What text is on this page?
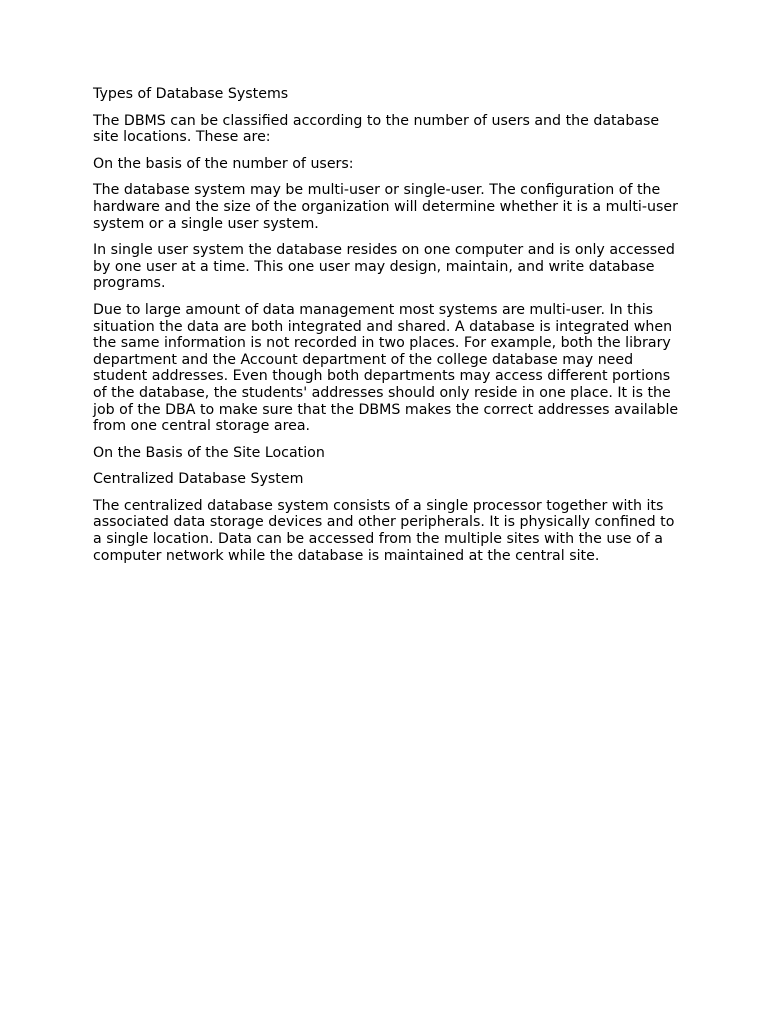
Types of Database Systems

The DBMS can be classified according to the number of users and the database site locations. These are:

On the basis of the number of users:

The database system may be multi-user or single-user. The configuration of the hardware and the size of the organization will determine whether it is a multi-user system or a single user system.

In single user system the database resides on one computer and is only accessed by one user at a time. This one user may design, maintain, and write database programs.

Due to large amount of data management most systems are multi-user. In this situation the data are both integrated and shared. A database is integrated when the same information is not recorded in two places. For example, both the library department and the Account department of the college database may need student addresses. Even though both departments may access different portions of the database, the students' addresses should only reside in one place. It is the job of the DBA to make sure that the DBMS makes the correct addresses available from one central storage area.

On the Basis of the Site Location

Centralized Database System

The centralized database system consists of a single processor together with its associated data storage devices and other peripherals. It is physically confined to a single location. Data can be accessed from the multiple sites with the use of a computer network while the database is maintained at the central site.
